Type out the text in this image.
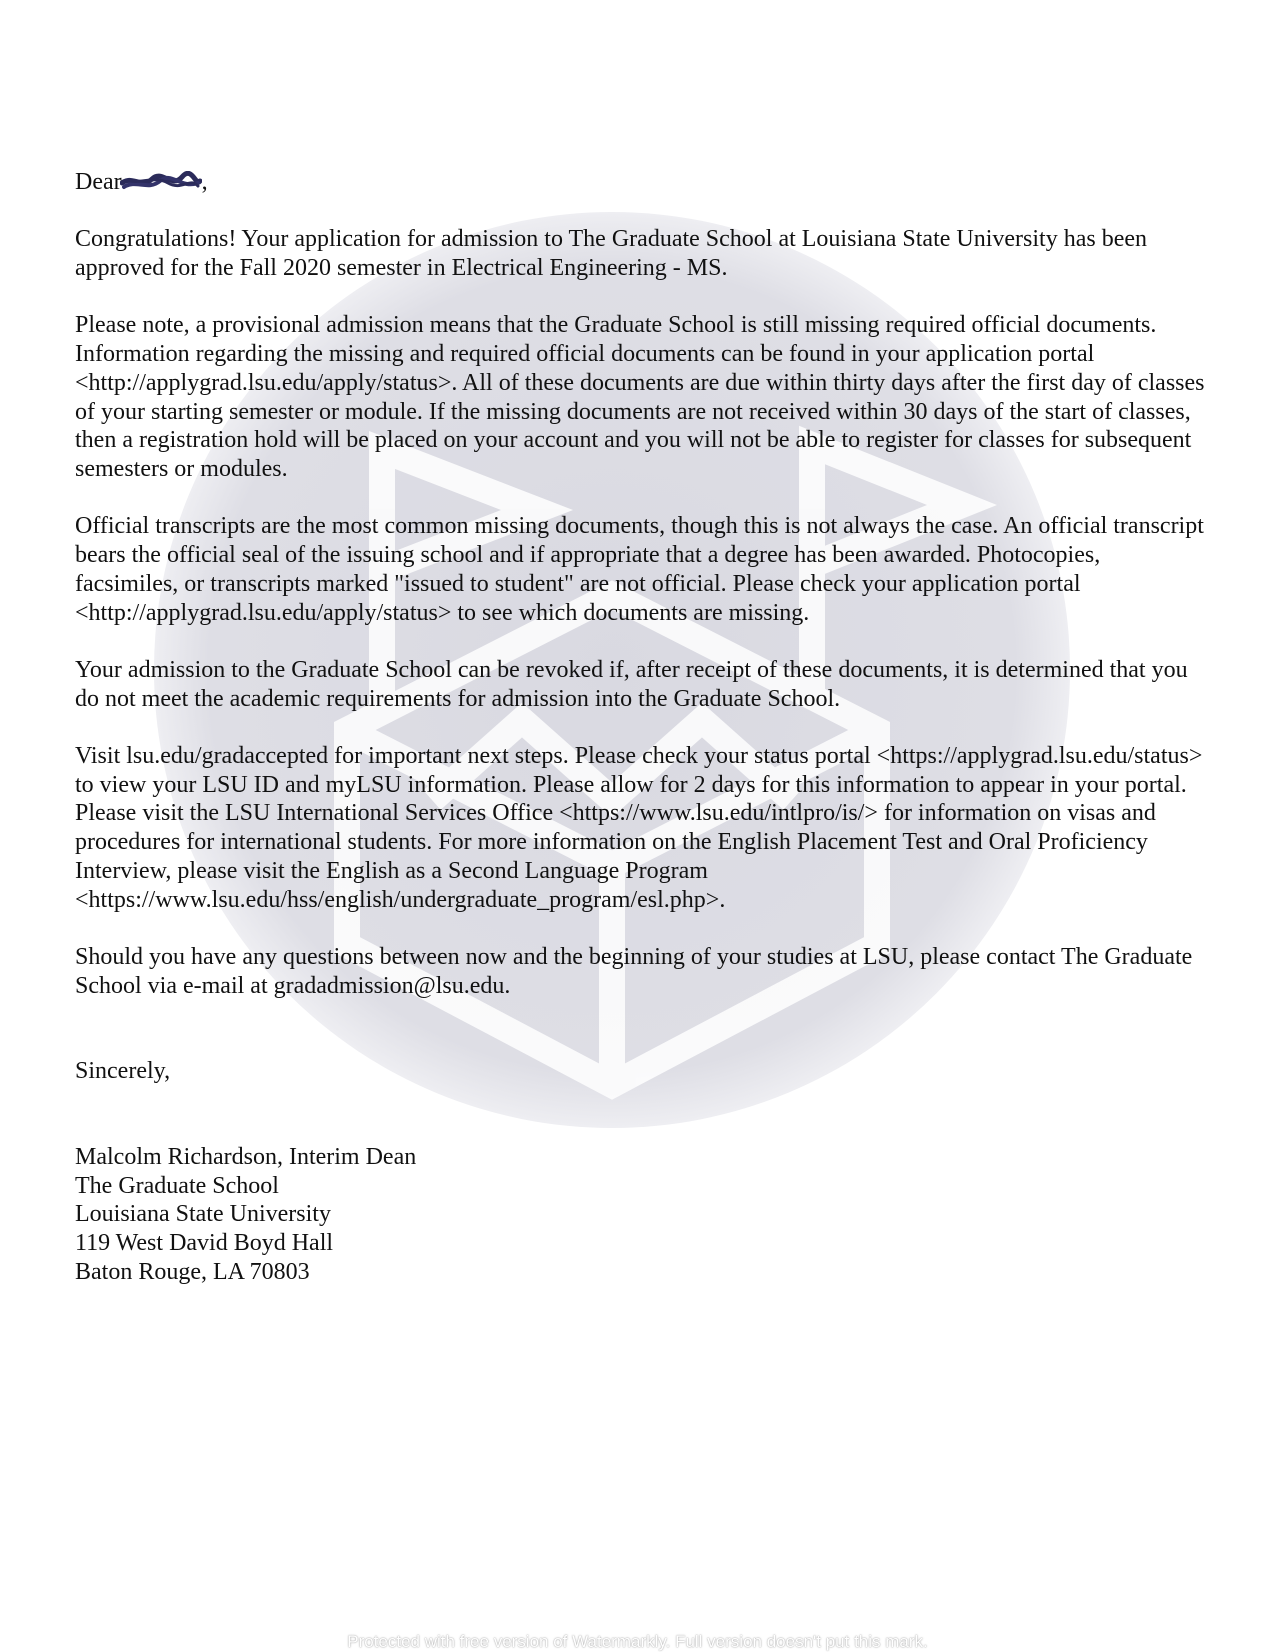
Dear	,

Congratulations! Your application for admission to The Graduate School at Louisiana State University has been approved for the Fall 2020 semester in Electrical Engineering - MS.

Please note, a provisional admission means that the Graduate School is still missing required official documents. Information regarding the missing and required official documents can be found in your application portal <http://applygrad.lsu.edu/apply/status>. All of these documents are due within thirty days after the first day of classes of your starting semester or module. If the missing documents are not received within 30 days of the start of classes, then a registration hold will be placed on your account and you will not be able to register for classes for subsequent semesters or modules.

Official transcripts are the most common missing documents, though this is not always the case. An official transcript bears the official seal of the issuing school and if appropriate that a degree has been awarded. Photocopies, facsimiles, or transcripts marked "issued to student" are not official. Please check your application portal <http://applygrad.lsu.edu/apply/status> to see which documents are missing.

Your admission to the Graduate School can be revoked if, after receipt of these documents, it is determined that you do not meet the academic requirements for admission into the Graduate School.

Visit lsu.edu/gradaccepted for important next steps. Please check your status portal <https://applygrad.lsu.edu/status> to view your LSU ID and myLSU information. Please allow for 2 days for this information to appear in your portal. Please visit the LSU International Services Office <https://www.lsu.edu/intlpro/is/> for information on visas and procedures for international students. For more information on the English Placement Test and Oral Proficiency Interview, please visit the English as a Second Language Program <https://www.lsu.edu/hss/english/undergraduate_program/esl.php>.

Should you have any questions between now and the beginning of your studies at LSU, please contact The Graduate School via e-mail at gradadmission@lsu.edu.

Sincerely,

Malcolm Richardson, Interim Dean
The Graduate School
Louisiana State University
119 West David Boyd Hall
Baton Rouge, LA 70803
Protected with free version of Watermarkly. Full version doesn't put this mark.
